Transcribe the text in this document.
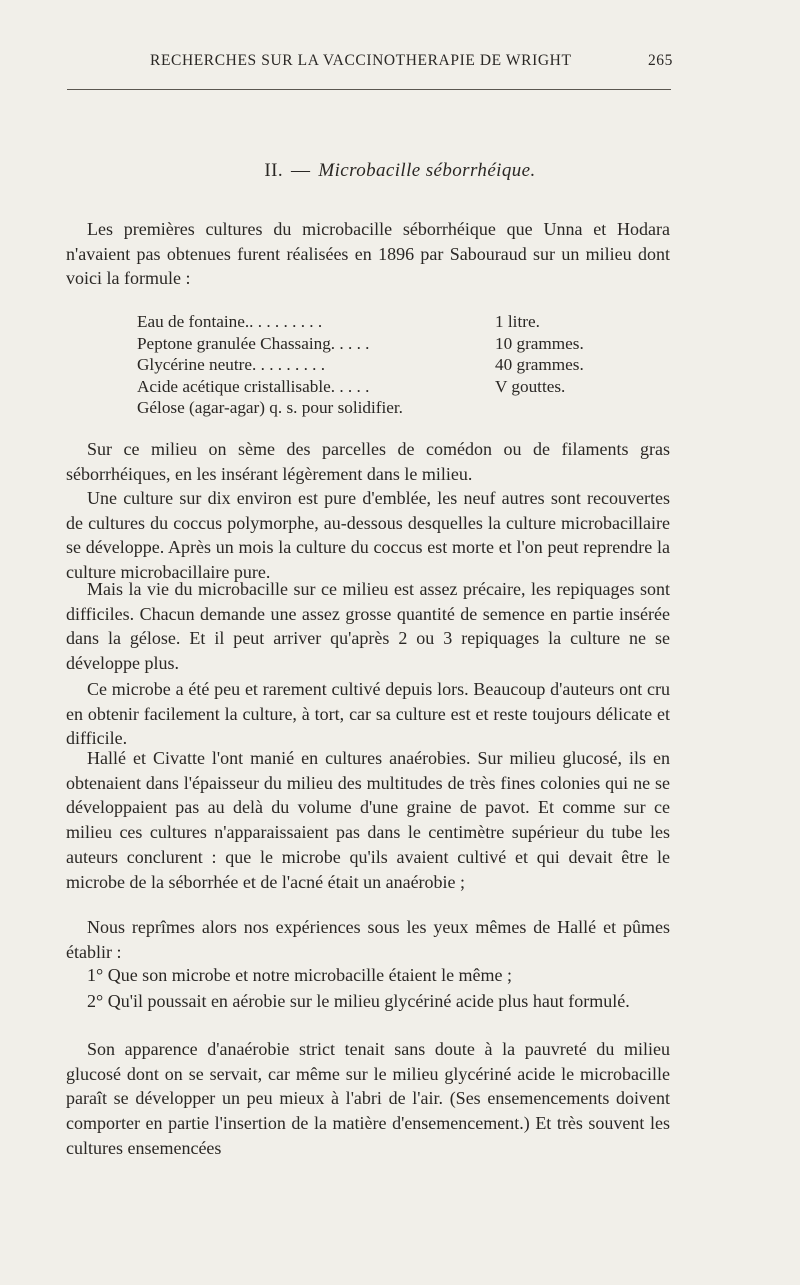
RECHERCHES SUR LA VACCINOTHERAPIE DE WRIGHT	265
II. — Microbacille séborrhéique.

Les premières cultures du microbacille séborrhéique que Unna et Hodara n'avaient pas obtenues furent réalisées en 1896 par Sabouraud sur un milieu dont voici la formule :

Eau de fontaine.. . . . . . . . .	1 litre.
Peptone granulée Chassaing. . . . .	10 grammes.
Glycérine neutre. . . . . . . . .	40 grammes.
Acide acétique cristallisable. . . . .	V gouttes.
Gélose (agar-agar) q. s. pour solidifier.

Sur ce milieu on sème des parcelles de comédon ou de filaments gras séborrhéiques, en les insérant légèrement dans le milieu.

Une culture sur dix environ est pure d'emblée, les neuf autres sont recouvertes de cultures du coccus polymorphe, au-dessous desquelles la culture microbacillaire se développe. Après un mois la culture du coccus est morte et l'on peut reprendre la culture microbacillaire pure.

Mais la vie du microbacille sur ce milieu est assez précaire, les repiquages sont difficiles. Chacun demande une assez grosse quantité de semence en partie insérée dans la gélose. Et il peut arriver qu'après 2 ou 3 repiquages la culture ne se développe plus.

Ce microbe a été peu et rarement cultivé depuis lors. Beaucoup d'auteurs ont cru en obtenir facilement la culture, à tort, car sa culture est et reste toujours délicate et difficile.

Hallé et Civatte l'ont manié en cultures anaérobies. Sur milieu glucosé, ils en obtenaient dans l'épaisseur du milieu des multitudes de très fines colonies qui ne se développaient pas au delà du volume d'une graine de pavot. Et comme sur ce milieu ces cultures n'apparaissaient pas dans le centimètre supérieur du tube les auteurs conclurent : que le microbe qu'ils avaient cultivé et qui devait être le microbe de la séborrhée et de l'acné était un anaérobie ;

Nous reprîmes alors nos expériences sous les yeux mêmes de Hallé et pûmes établir :

1° Que son microbe et notre microbacille étaient le même ;

2° Qu'il poussait en aérobie sur le milieu glycériné acide plus haut formulé.

Son apparence d'anaérobie strict tenait sans doute à la pauvreté du milieu glucosé dont on se servait, car même sur le milieu glycériné acide le microbacille paraît se développer un peu mieux à l'abri de l'air. (Ses ensemencements doivent comporter en partie l'insertion de la matière d'ensemencement.) Et très souvent les cultures ensemencées
